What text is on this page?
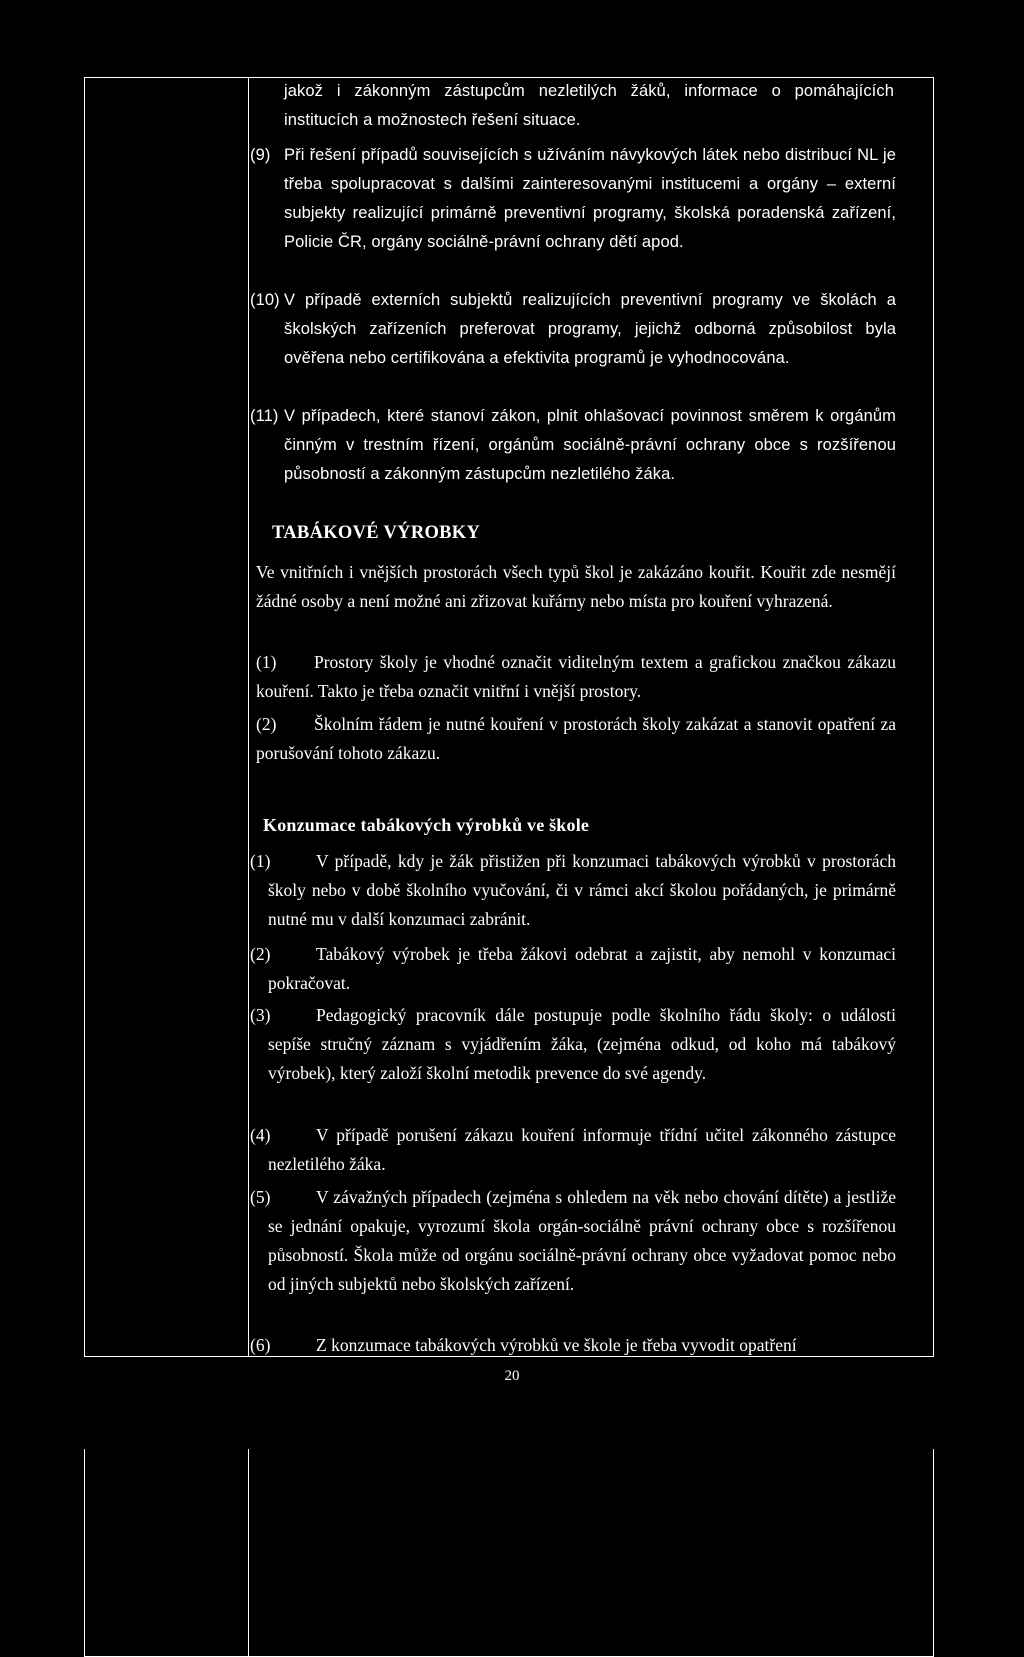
jakož i zákonným zástupcům nezletilých žáků, informace o pomáhajících institucích a možnostech řešení situace.
(9) Při řešení případů souvisejících s užíváním návykových látek nebo distribucí NL je třeba spolupracovat s dalšími zainteresovanými institucemi a orgány – externí subjekty realizující primárně preventivní programy, školská poradenská zařízení, Policie ČR, orgány sociálně-právní ochrany dětí apod.
(10) V případě externích subjektů realizujících preventivní programy ve školách a školských zařízeních preferovat programy, jejichž odborná způsobilost byla ověřena nebo certifikována a efektivita programů je vyhodnocována.
(11) V případech, které stanoví zákon, plnit ohlašovací povinnost směrem k orgánům činným v trestním řízení, orgánům sociálně-právní ochrany obce s rozšířenou působností a zákonným zástupcům nezletilého žáka.
TABÁKOVÉ VÝROBKY
Ve vnitřních i vnějších prostorách všech typů škol je zakázáno kouřit. Kouřit zde nesmějí žádné osoby a není možné ani zřizovat kuřárny nebo místa pro kouření vyhrazená.
(1)	Prostory školy je vhodné označit viditelným textem a grafickou značkou zákazu kouření. Takto je třeba označit vnitřní i vnější prostory.
(2)	Školním řádem je nutné kouření v prostorách školy zakázat a stanovit opatření za porušování tohoto zákazu.
Konzumace tabákových výrobků ve škole
(1)	V případě, kdy je žák přistižen při konzumaci tabákových výrobků v prostorách školy nebo v době školního vyučování, či v rámci akcí školou pořádaných, je primárně nutné mu v další konzumaci zabránit.
(2)	Tabákový výrobek je třeba žákovi odebrat a zajistit, aby nemohl v konzumaci pokračovat.
(3)	Pedagogický pracovník dále postupuje podle školního řádu školy: o události sepíše stručný záznam s vyjádřením žáka, (zejména odkud, od koho má tabákový výrobek), který založí školní metodik prevence do své agendy.
(4)	V případě porušení zákazu kouření informuje třídní učitel zákonného zástupce nezletilého žáka.
(5)	V závažných případech (zejména s ohledem na věk nebo chování dítěte) a jestliže se jednání opakuje, vyrozumí škola orgán-sociálně právní ochrany obce s rozšířenou působností. Škola může od orgánu sociálně-právní ochrany obce vyžadovat pomoc nebo od jiných subjektů nebo školských zařízení.
(6)	Z konzumace tabákových výrobků ve škole je třeba vyvodit opatření
20
